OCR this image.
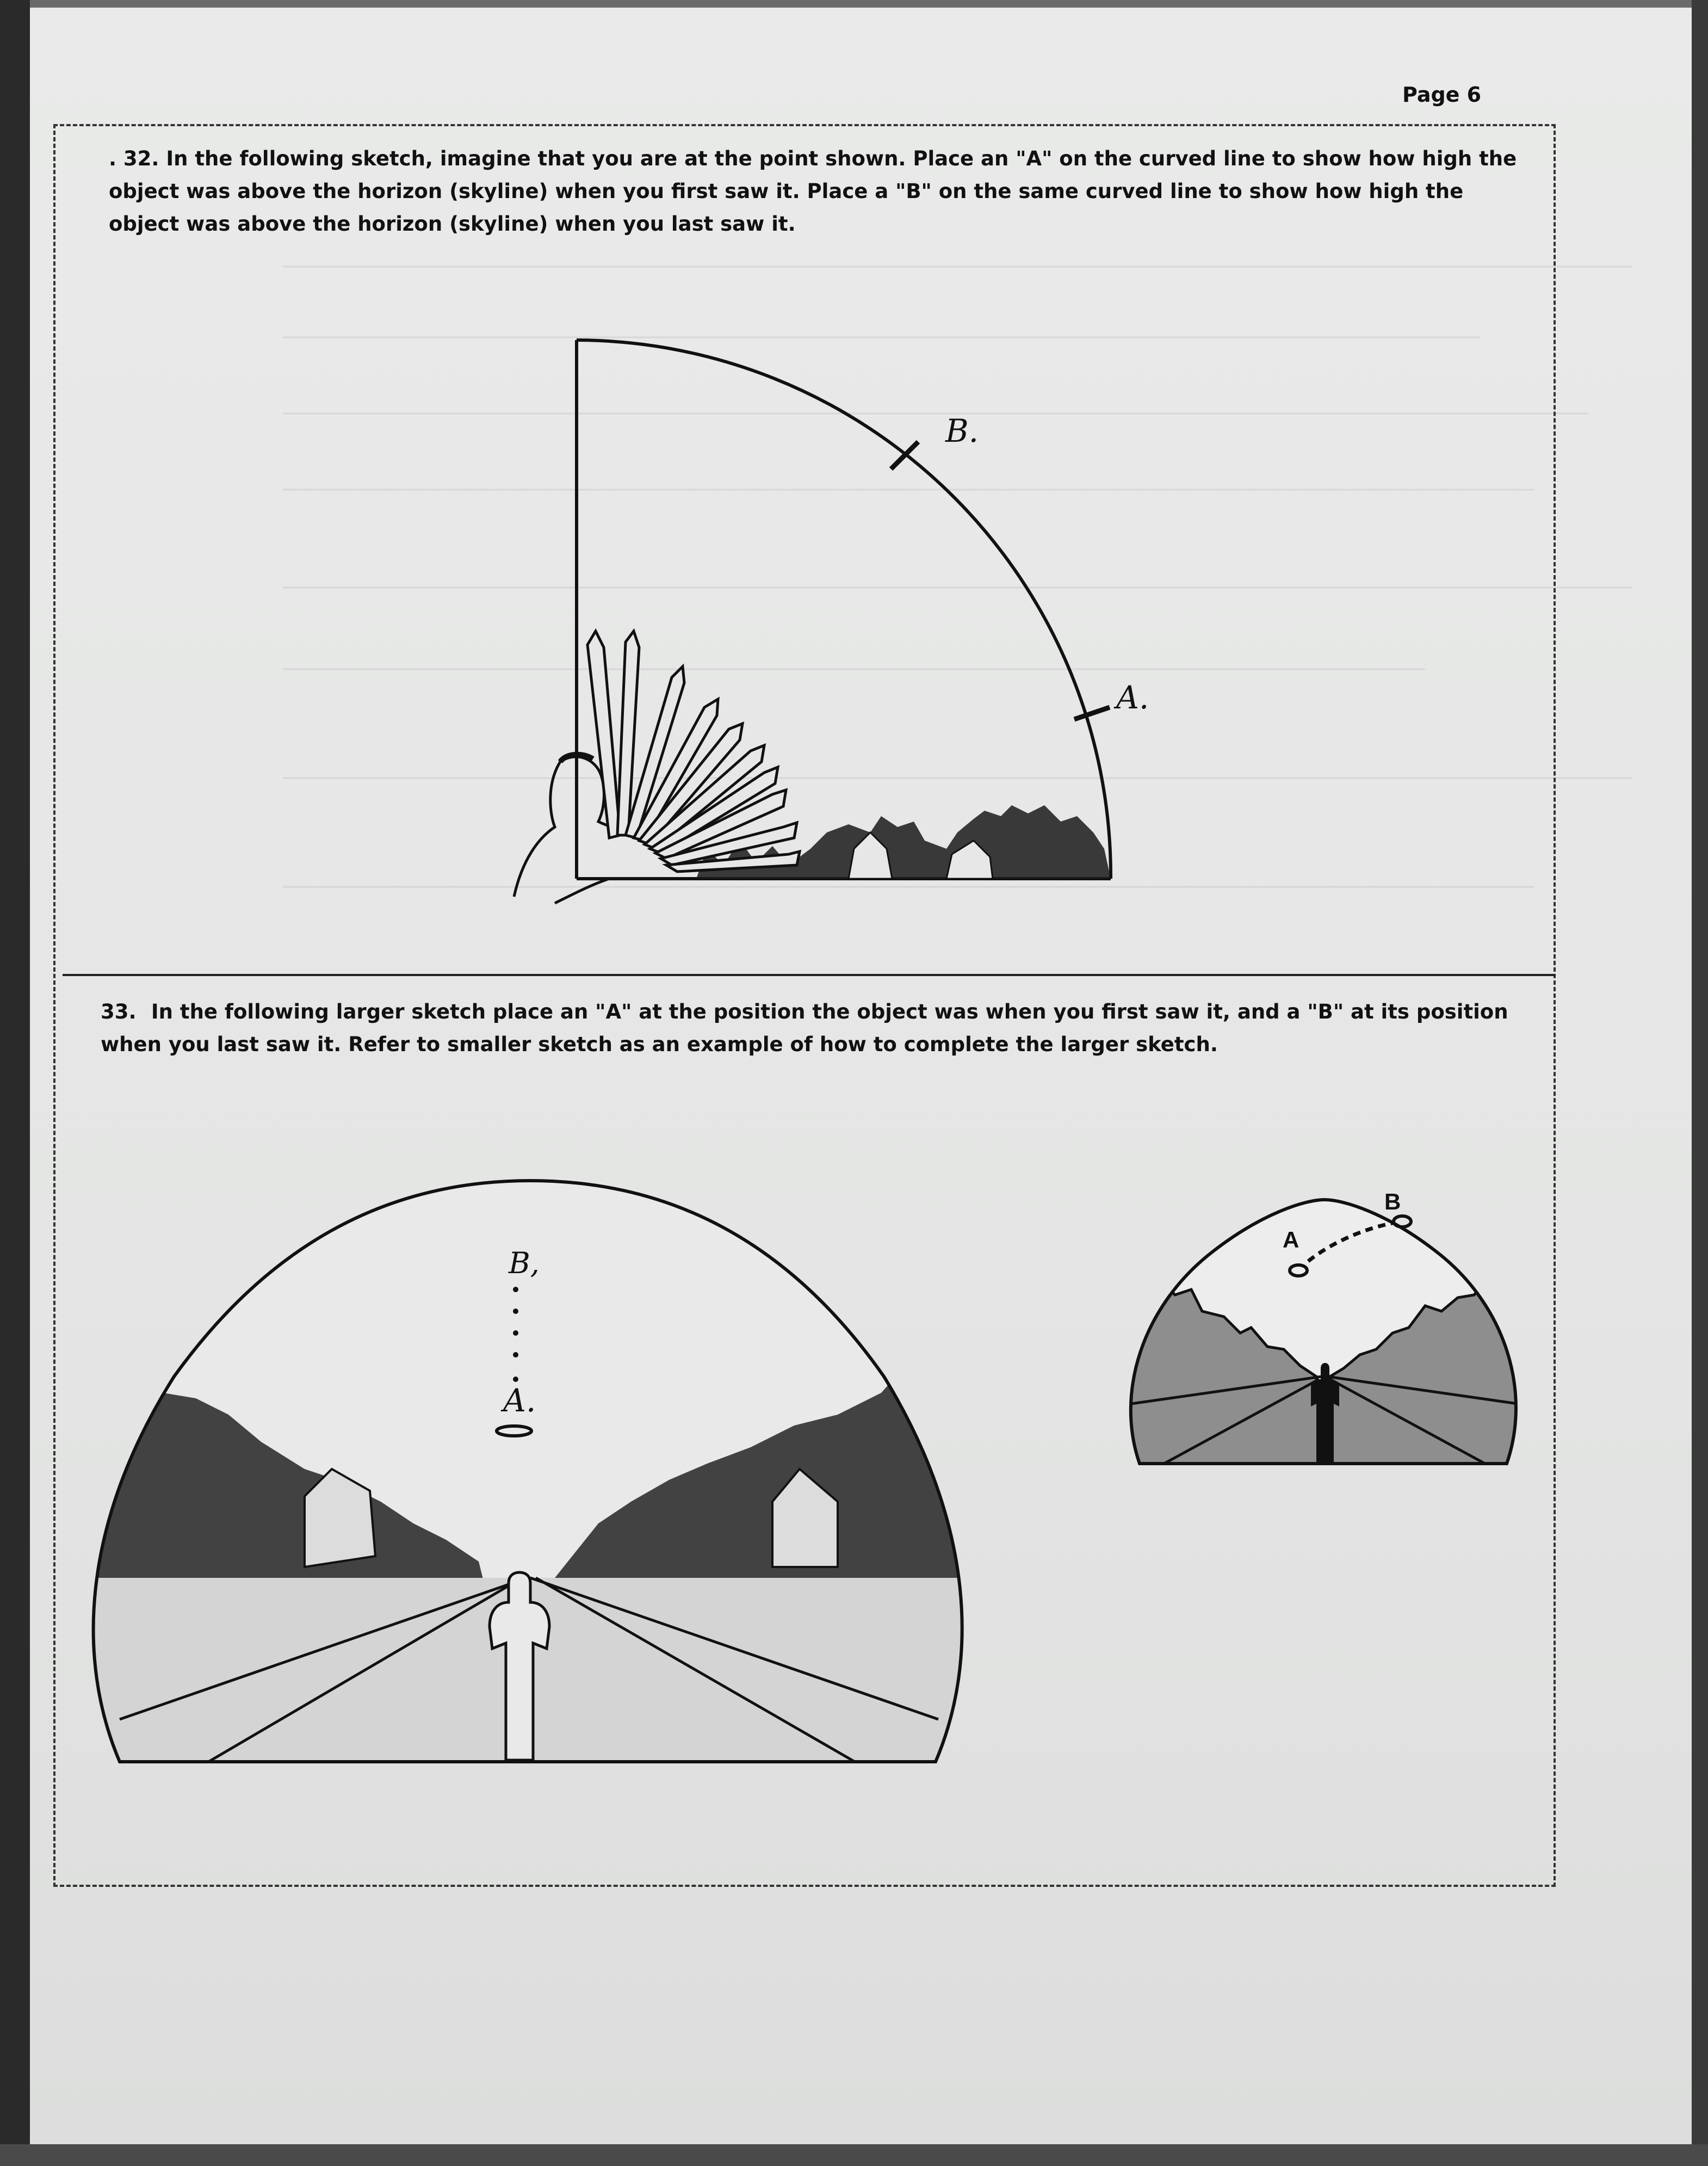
Page 6
. 32. In the following sketch, imagine that you are at the point shown. Place an "A" on the curved line to show how high the object was above the horizon (skyline) when you first saw it. Place a "B" on the same curved line to show how high the object was above the horizon (skyline) when you last saw it.
B.
A.
33. In the following larger sketch place an "A" at the position the object was when you first saw it, and a "B" at its position when you last saw it. Refer to smaller sketch as an example of how to complete the larger sketch.
B,
A.
A
B
